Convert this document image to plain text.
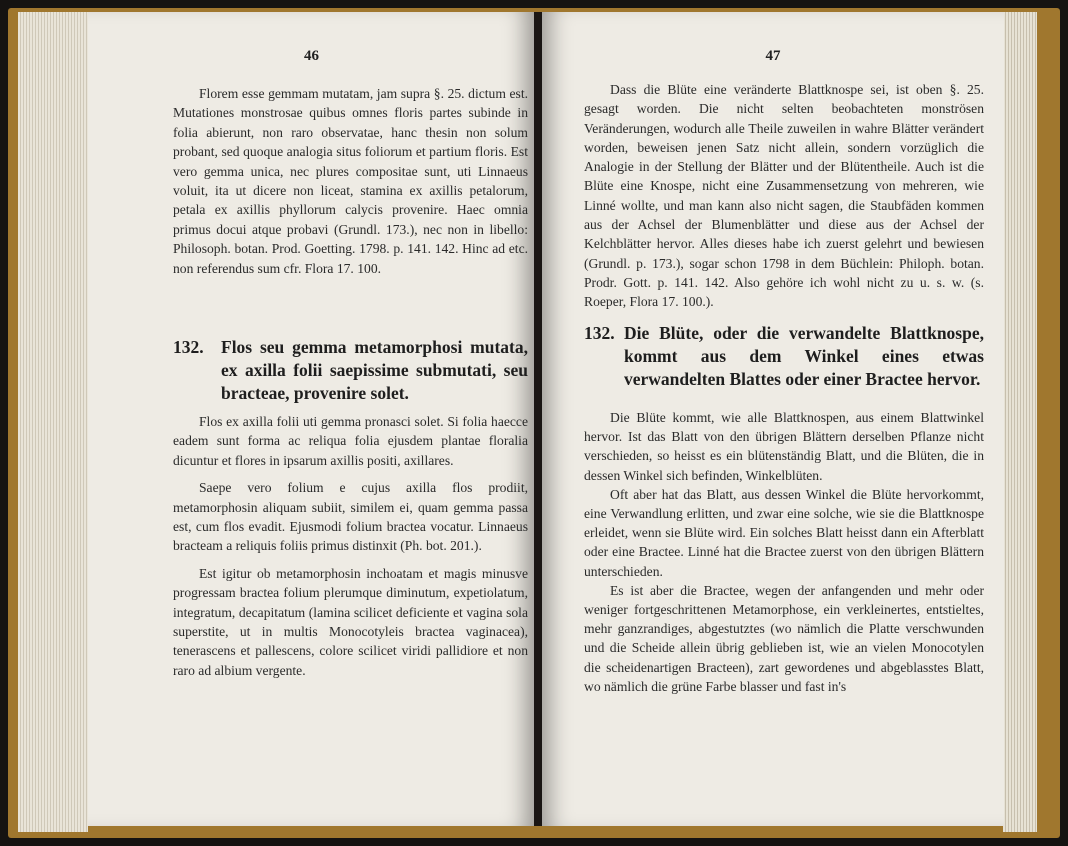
46

Florem esse gemmam mutatam, jam supra §. 25. dictum est. Mutationes monstrosae quibus omnes floris partes subinde in folia abierunt, non raro observatae, hanc thesin non solum probant, sed quoque analogia situs foliorum et partium floris. Est vero gemma unica, nec plures compositae sunt, uti Linnaeus voluit, ita ut dicere non liceat, stamina ex axillis petalorum, petala ex axillis phyllorum calycis provenire. Haec omnia primus docui atque probavi (Grundl. 173.), nec non in libello: Philosoph. botan. Prod. Goetting. 1798. p. 141. 142. Hinc ad etc. non referendus sum cfr. Flora 17. 100.

132. Flos seu gemma metamorphosi mutata, ex axilla folii saepissime submutati, seu bracteae, provenire solet.

Flos ex axilla folii uti gemma pronasci solet. Si folia haecce eadem sunt forma ac reliqua folia ejusdem plantae floralia dicuntur et flores in ipsarum axillis positi, axillares.

Saepe vero folium e cujus axilla flos prodiit, metamorphosin aliquam subiit, similem ei, quam gemma passa est, cum flos evadit. Ejusmodi folium bractea vocatur. Linnaeus bracteam a reliquis foliis primus distinxit (Ph. bot. 201.).

Est igitur ob metamorphosin inchoatam et magis minusve progressam bractea folium plerumque diminutum, expetiolatum, integratum, decapitatum (lamina scilicet deficiente et vagina sola superstite, ut in multis Monocotyleis bractea vaginacea), tenerascens et pallescens, colore scilicet viridi pallidiore et non raro ad albium vergente.

47

Dass die Blüte eine veränderte Blattknospe sei, ist oben §. 25. gesagt worden. Die nicht selten beobachteten monströsen Veränderungen, wodurch alle Theile zuweilen in wahre Blätter verändert worden, beweisen jenen Satz nicht allein, sondern vorzüglich die Analogie in der Stellung der Blätter und der Blütentheile. Auch ist die Blüte eine Knospe, nicht eine Zusammensetzung von mehreren, wie Linné wollte, und man kann also nicht sagen, die Staubfäden kommen aus der Achsel der Blumenblätter und diese aus der Achsel der Kelchblätter hervor. Alles dieses habe ich zuerst gelehrt und bewiesen (Grundl. p. 173.), sogar schon 1798 in dem Büchlein: Philoph. botan. Prodr. Gott. p. 141. 142. Also gehöre ich wohl nicht zu u. s. w. (s. Roeper, Flora 17. 100.).

132. Die Blüte, oder die verwandelte Blattknospe, kommt aus dem Winkel eines etwas verwandelten Blattes oder einer Bractee hervor.

Die Blüte kommt, wie alle Blattknospen, aus einem Blattwinkel hervor. Ist das Blatt von den übrigen Blättern derselben Pflanze nicht verschieden, so heisst es ein blütenständig Blatt, und die Blüten, die in dessen Winkel sich befinden, Winkelblüten.

Oft aber hat das Blatt, aus dessen Winkel die Blüte hervorkommt, eine Verwandlung erlitten, und zwar eine solche, wie sie die Blattknospe erleidet, wenn sie Blüte wird. Ein solches Blatt heisst dann ein Afterblatt oder eine Bractee. Linné hat die Bractee zuerst von den übrigen Blättern unterschieden.

Es ist aber die Bractee, wegen der anfangenden und mehr oder weniger fortgeschrittenen Metamorphose, ein verkleinertes, entstieltes, mehr ganzrandiges, abgestutztes (wo nämlich die Platte verschwunden und die Scheide allein übrig geblieben ist, wie an vielen Monocotylen die scheidenartigen Bracteen), zart gewordenes und abgeblasstes Blatt, wo nämlich die grüne Farbe blasser und fast in's
